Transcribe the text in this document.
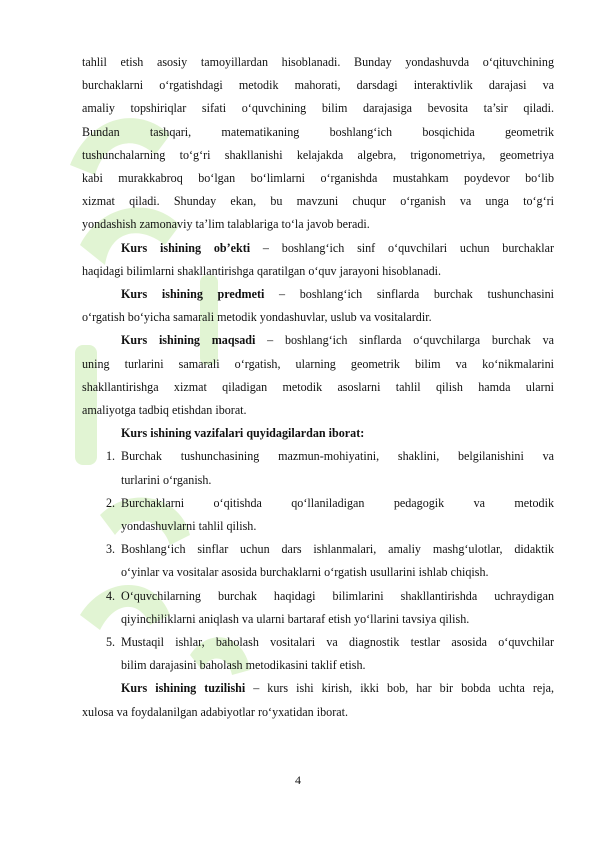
tahlil etish asosiy tamoyillardan hisoblanadi. Bunday yondashuvda o‘qituvchining
burchaklarni o‘rgatishdagi metodik mahorati, darsdagi interaktivlik darajasi va
amaliy topshiriqlar sifati o‘quvchining bilim darajasiga bevosita ta’sir qiladi.
Bundan tashqari, matematikaning boshlang‘ich bosqichida geometrik
tushunchalarning to‘g‘ri shakllanishi kelajakda algebra, trigonometriya, geometriya
kabi murakkabroq bo‘lgan bo‘limlarni o‘rganishda mustahkam poydevor bo‘lib
xizmat qiladi. Shunday ekan, bu mavzuni chuqur o‘rganish va unga to‘g‘ri
yondashish zamonaviy ta’lim talablariga to‘la javob beradi.
Kurs ishining ob’ekti – boshlang‘ich sinf o‘quvchilari uchun burchaklar
haqidagi bilimlarni shakllantirishga qaratilgan o‘quv jarayoni hisoblanadi.
Kurs ishining predmeti – boshlang‘ich sinflarda burchak tushunchasini
o‘rgatish bo‘yicha samarali metodik yondashuvlar, uslub va vositalardir.
Kurs ishining maqsadi – boshlang‘ich sinflarda o‘quvchilarga burchak va
uning turlarini samarali o‘rgatish, ularning geometrik bilim va ko‘nikmalarini
shakllantirishga xizmat qiladigan metodik asoslarni tahlil qilish hamda ularni
amaliyotga tadbiq etishdan iborat.
Kurs ishining vazifalari quyidagilardan iborat:
1. Burchak tushunchasining mazmun-mohiyatini, shaklini, belgilanishini va
turlarini o‘rganish.
2. Burchaklarni o‘qitishda qo‘llaniladigan pedagogik va metodik
yondashuvlarni tahlil qilish.
3. Boshlang‘ich sinflar uchun dars ishlanmalari, amaliy mashg‘ulotlar, didaktik
o‘yinlar va vositalar asosida burchaklarni o‘rgatish usullarini ishlab chiqish.
4. O‘quvchilarning burchak haqidagi bilimlarini shakllantirishda uchraydigan
qiyinchiliklarni aniqlash va ularni bartaraf etish yo‘llarini tavsiya qilish.
5. Mustaqil ishlar, baholash vositalari va diagnostik testlar asosida o‘quvchilar
bilim darajasini baholash metodikasini taklif etish.
Kurs ishining tuzilishi – kurs ishi kirish, ikki bob, har bir bobda uchta reja,
xulosa va foydalanilgan adabiyotlar ro‘yxatidan iborat.
4
